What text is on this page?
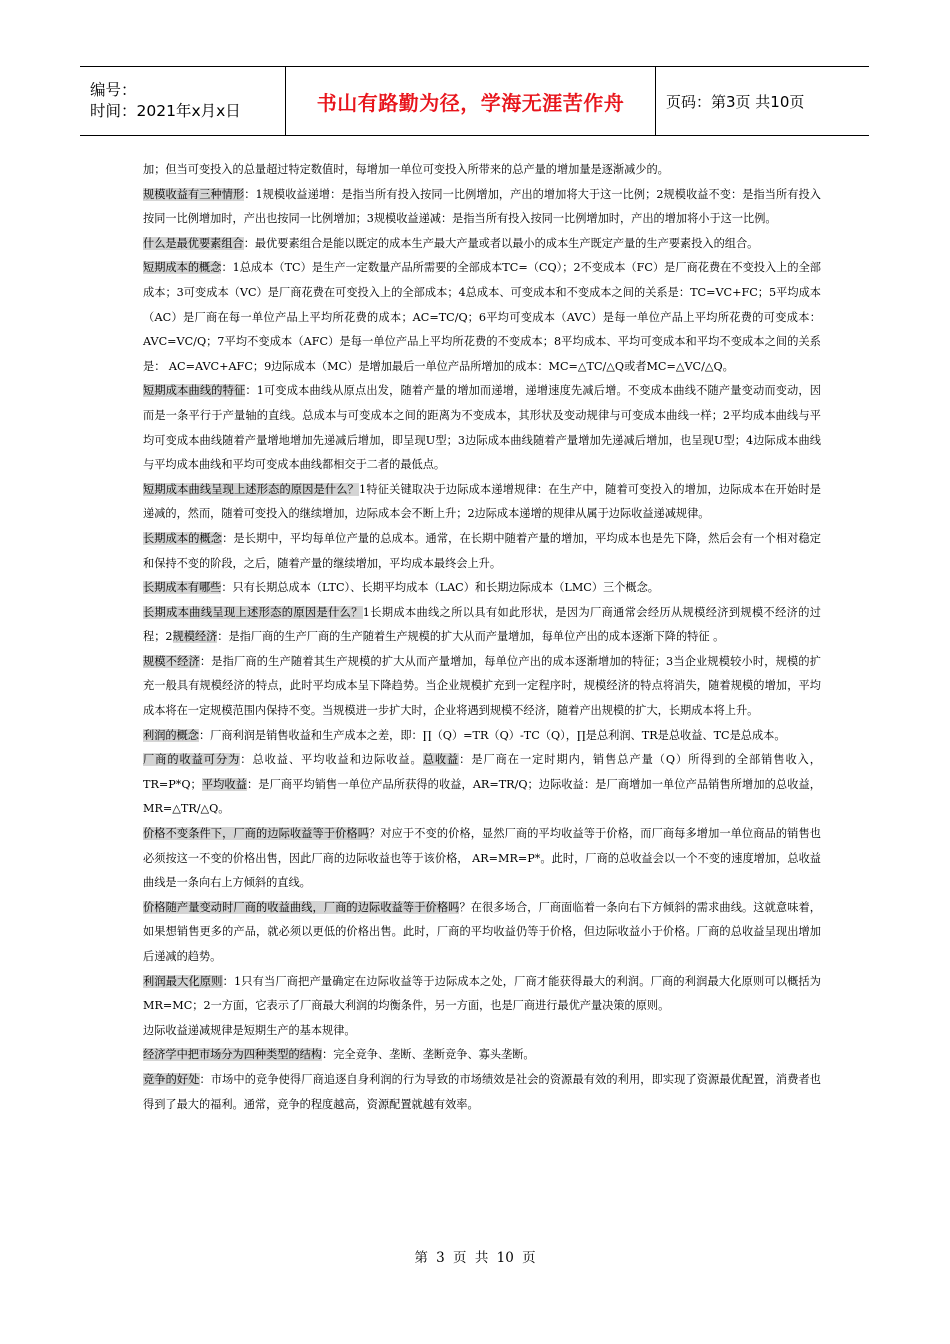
编号：
时间：2021年x月x日	书山有路勤为径，学海无涯苦作舟	页码：第3页 共10页

加；但当可变投入的总量超过特定数值时，每增加一单位可变投入所带来的总产量的增加量是逐渐减少的。

规模收益有三种情形：1规模收益递增：是指当所有投入按同一比例增加，产出的增加将大于这一比例；2规模收益不变：是指当所有投入按同一比例增加时，产出也按同一比例增加；3规模收益递减：是指当所有投入按同一比例增加时，产出的增加将小于这一比例。

什么是最优要素组合：最优要素组合是能以既定的成本生产最大产量或者以最小的成本生产既定产量的生产要素投入的组合。

短期成本的概念：1总成本（TC）是生产一定数量产品所需要的全部成本TC=（CQ）；2不变成本（FC）是厂商花费在不变投入上的全部成本；3可变成本（VC）是厂商花费在可变投入上的全部成本；4总成本、可变成本和不变成本之间的关系是：TC=VC+FC；5平均成本（AC）是厂商在每一单位产品上平均所花费的成本；AC=TC/Q；6平均可变成本（AVC）是每一单位产品上平均所花费的可变成本：AVC=VC/Q；7平均不变成本（AFC）是每一单位产品上平均所花费的不变成本；8平均成本、平均可变成本和平均不变成本之间的关系是： AC=AVC+AFC；9边际成本（MC）是增加最后一单位产品所增加的成本：MC=△TC/△Q或者MC=△VC/△Q。

短期成本曲线的特征：1可变成本曲线从原点出发，随着产量的增加而递增，递增速度先减后增。不变成本曲线不随产量变动而变动，因而是一条平行于产量轴的直线。总成本与可变成本之间的距离为不变成本，其形状及变动规律与可变成本曲线一样；2平均成本曲线与平均可变成本曲线随着产量增地增加先递减后增加，即呈现U型；3边际成本曲线随着产量增加先递减后增加，也呈现U型；4边际成本曲线与平均成本曲线和平均可变成本曲线都相交于二者的最低点。

短期成本曲线呈现上述形态的原因是什么？1特征关键取决于边际成本递增规律：在生产中，随着可变投入的增加，边际成本在开始时是递减的，然而，随着可变投入的继续增加，边际成本会不断上升；2边际成本递增的规律从属于边际收益递减规律。

长期成本的概念：是长期中，平均每单位产量的总成本。通常，在长期中随着产量的增加，平均成本也是先下降，然后会有一个相对稳定和保持不变的阶段，之后，随着产量的继续增加，平均成本最终会上升。

长期成本有哪些：只有长期总成本（LTC）、长期平均成本（LAC）和长期边际成本（LMC）三个概念。

长期成本曲线呈现上述形态的原因是什么？1长期成本曲线之所以具有如此形状，是因为厂商通常会经历从规模经济到规模不经济的过程；2规模经济：是指厂商的生产厂商的生产随着生产规模的扩大从而产量增加，每单位产出的成本逐渐下降的特征 。

规模不经济：是指厂商的生产随着其生产规模的扩大从而产量增加，每单位产出的成本逐渐增加的特征；3当企业规模较小时，规模的扩充一般具有规模经济的特点，此时平均成本呈下降趋势。当企业规模扩充到一定程序时，规模经济的特点将消失，随着规模的增加，平均成本将在一定规模范围内保持不变。当规模进一步扩大时，企业将遇到规模不经济，随着产出规模的扩大，长期成本将上升。

利润的概念：厂商利润是销售收益和生产成本之差，即：∏（Q）=TR（Q）-TC（Q），∏是总利润、TR是总收益、TC是总成本。

厂商的收益可分为：总收益、平均收益和边际收益。总收益：是厂商在一定时期内，销售总产量（Q）所得到的全部销售收入，TR=P*Q；平均收益：是厂商平均销售一单位产品所获得的收益，AR=TR/Q；边际收益：是厂商增加一单位产品销售所增加的总收益，MR=△TR/△Q。

价格不变条件下，厂商的边际收益等于价格吗？对应于不变的价格，显然厂商的平均收益等于价格，而厂商每多增加一单位商品的销售也必须按这一不变的价格出售，因此厂商的边际收益也等于该价格， AR=MR=P*。此时，厂商的总收益会以一个不变的速度增加，总收益曲线是一条向右上方倾斜的直线。

价格随产量变动时厂商的收益曲线，厂商的边际收益等于价格吗？在很多场合，厂商面临着一条向右下方倾斜的需求曲线。这就意味着，如果想销售更多的产品，就必须以更低的价格出售。此时，厂商的平均收益仍等于价格，但边际收益小于价格。厂商的总收益呈现出增加后递减的趋势。

利润最大化原则：1只有当厂商把产量确定在边际收益等于边际成本之处，厂商才能获得最大的利润。厂商的利润最大化原则可以概括为MR=MC；2一方面，它表示了厂商最大利润的均衡条件，另一方面，也是厂商进行最优产量决策的原则。

边际收益递减规律是短期生产的基本规律。

经济学中把市场分为四种类型的结构：完全竞争、垄断、垄断竞争、寡头垄断。

竞争的好处：市场中的竞争使得厂商追逐自身利润的行为导致的市场绩效是社会的资源最有效的利用，即实现了资源最优配置，消费者也得到了最大的福利。通常，竞争的程度越高，资源配置就越有效率。

第 3 页 共 10 页
